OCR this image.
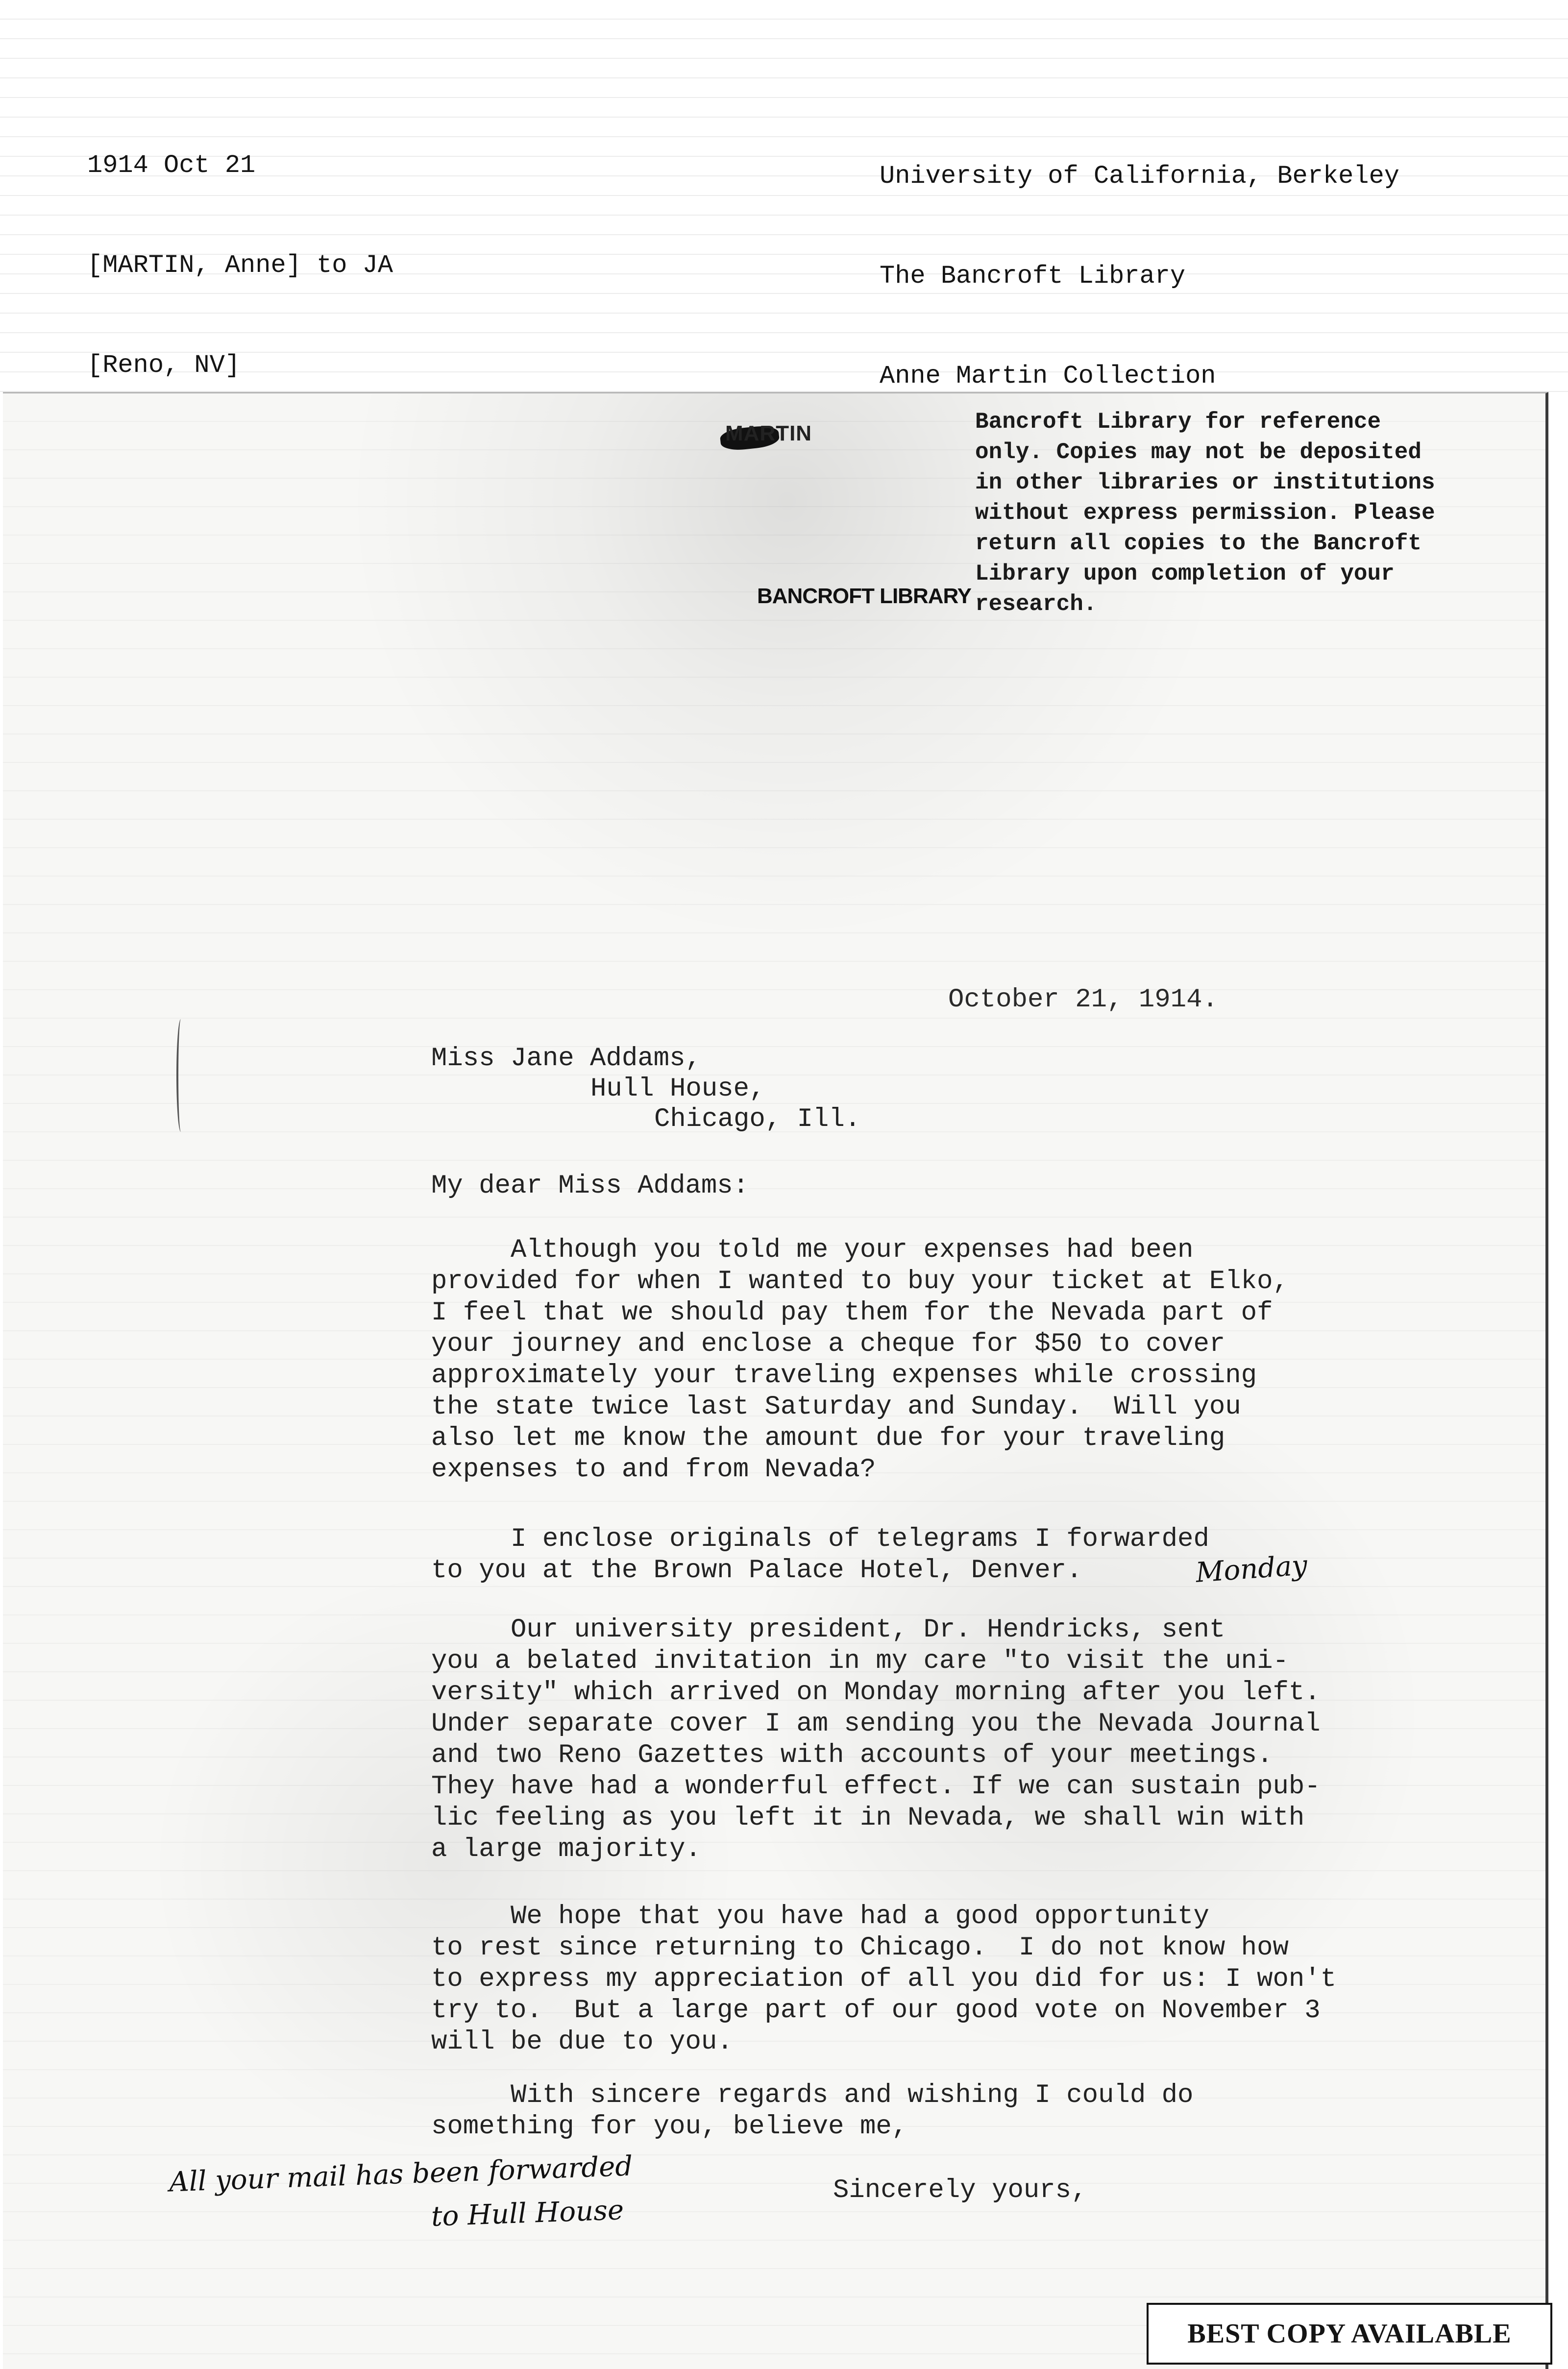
1914 Oct 21

[MARTIN, Anne] to JA

[Reno, NV]

University of California, Berkeley

The Bancroft Library

Anne Martin Collection

MARTIN
BANCROFT LIBRARY
Bancroft Library for reference
only. Copies may not be deposited
in other libraries or institutions
without express permission. Please
return all copies to the Bancroft
Library upon completion of your
research.
October 21, 1914.
Miss Jane Addams,
Hull House,
Chicago, Ill.
My dear Miss Addams:
Although you told me your expenses had been
provided for when I wanted to buy your ticket at Elko,
I feel that we should pay them for the Nevada part of
your journey and enclose a cheque for $50 to cover
approximately your traveling expenses while crossing
the state twice last Saturday and Sunday.  Will you
also let me know the amount due for your traveling
expenses to and from Nevada?
I enclose originals of telegrams I forwarded
to you at the Brown Palace Hotel, Denver.	Monday
Our university president, Dr. Hendricks, sent
you a belated invitation in my care "to visit the uni-
versity" which arrived on Monday morning after you left.
Under separate cover I am sending you the Nevada Journal
and two Reno Gazettes with accounts of your meetings.
They have had a wonderful effect. If we can sustain pub-
lic feeling as you left it in Nevada, we shall win with
a large majority.
We hope that you have had a good opportunity
to rest since returning to Chicago.  I do not know how
to express my appreciation of all you did for us: I won't
try to.  But a large part of our good vote on November 3
will be due to you.
With sincere regards and wishing I could do
something for you, believe me,
Sincerely yours,
All your mail has been forwarded
to Hull House
BEST COPY AVAILABLE
